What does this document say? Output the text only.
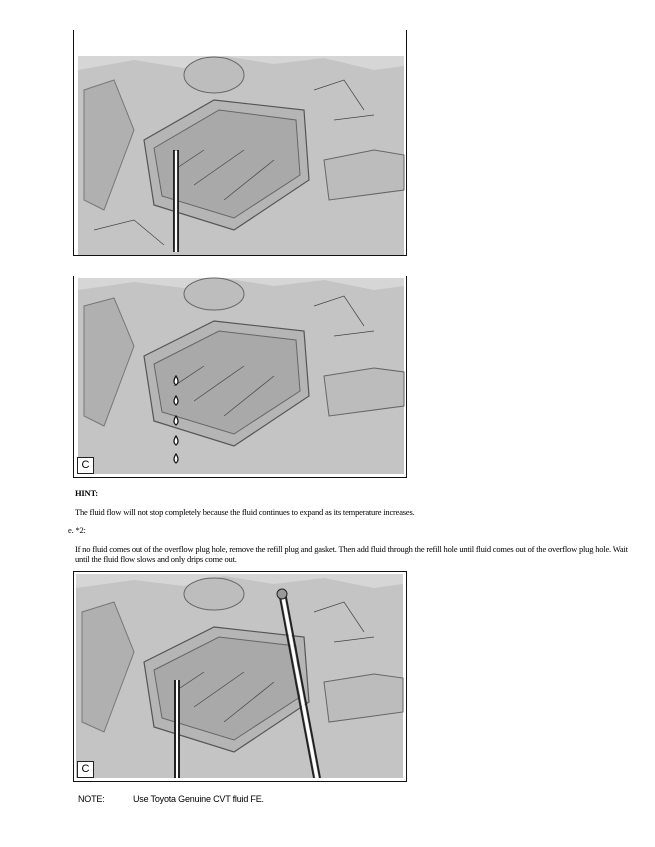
C
HINT:
The fluid flow will not stop completely because the fluid continues to expand as its temperature increases.
e. *2:
If no fluid comes out of the overflow plug hole, remove the refill plug and gasket. Then add fluid through the refill hole until fluid comes out of the overflow plug hole. Wait until the fluid flow slows and only drips come out.
C
NOTE:	Use Toyota Genuine CVT fluid FE.
